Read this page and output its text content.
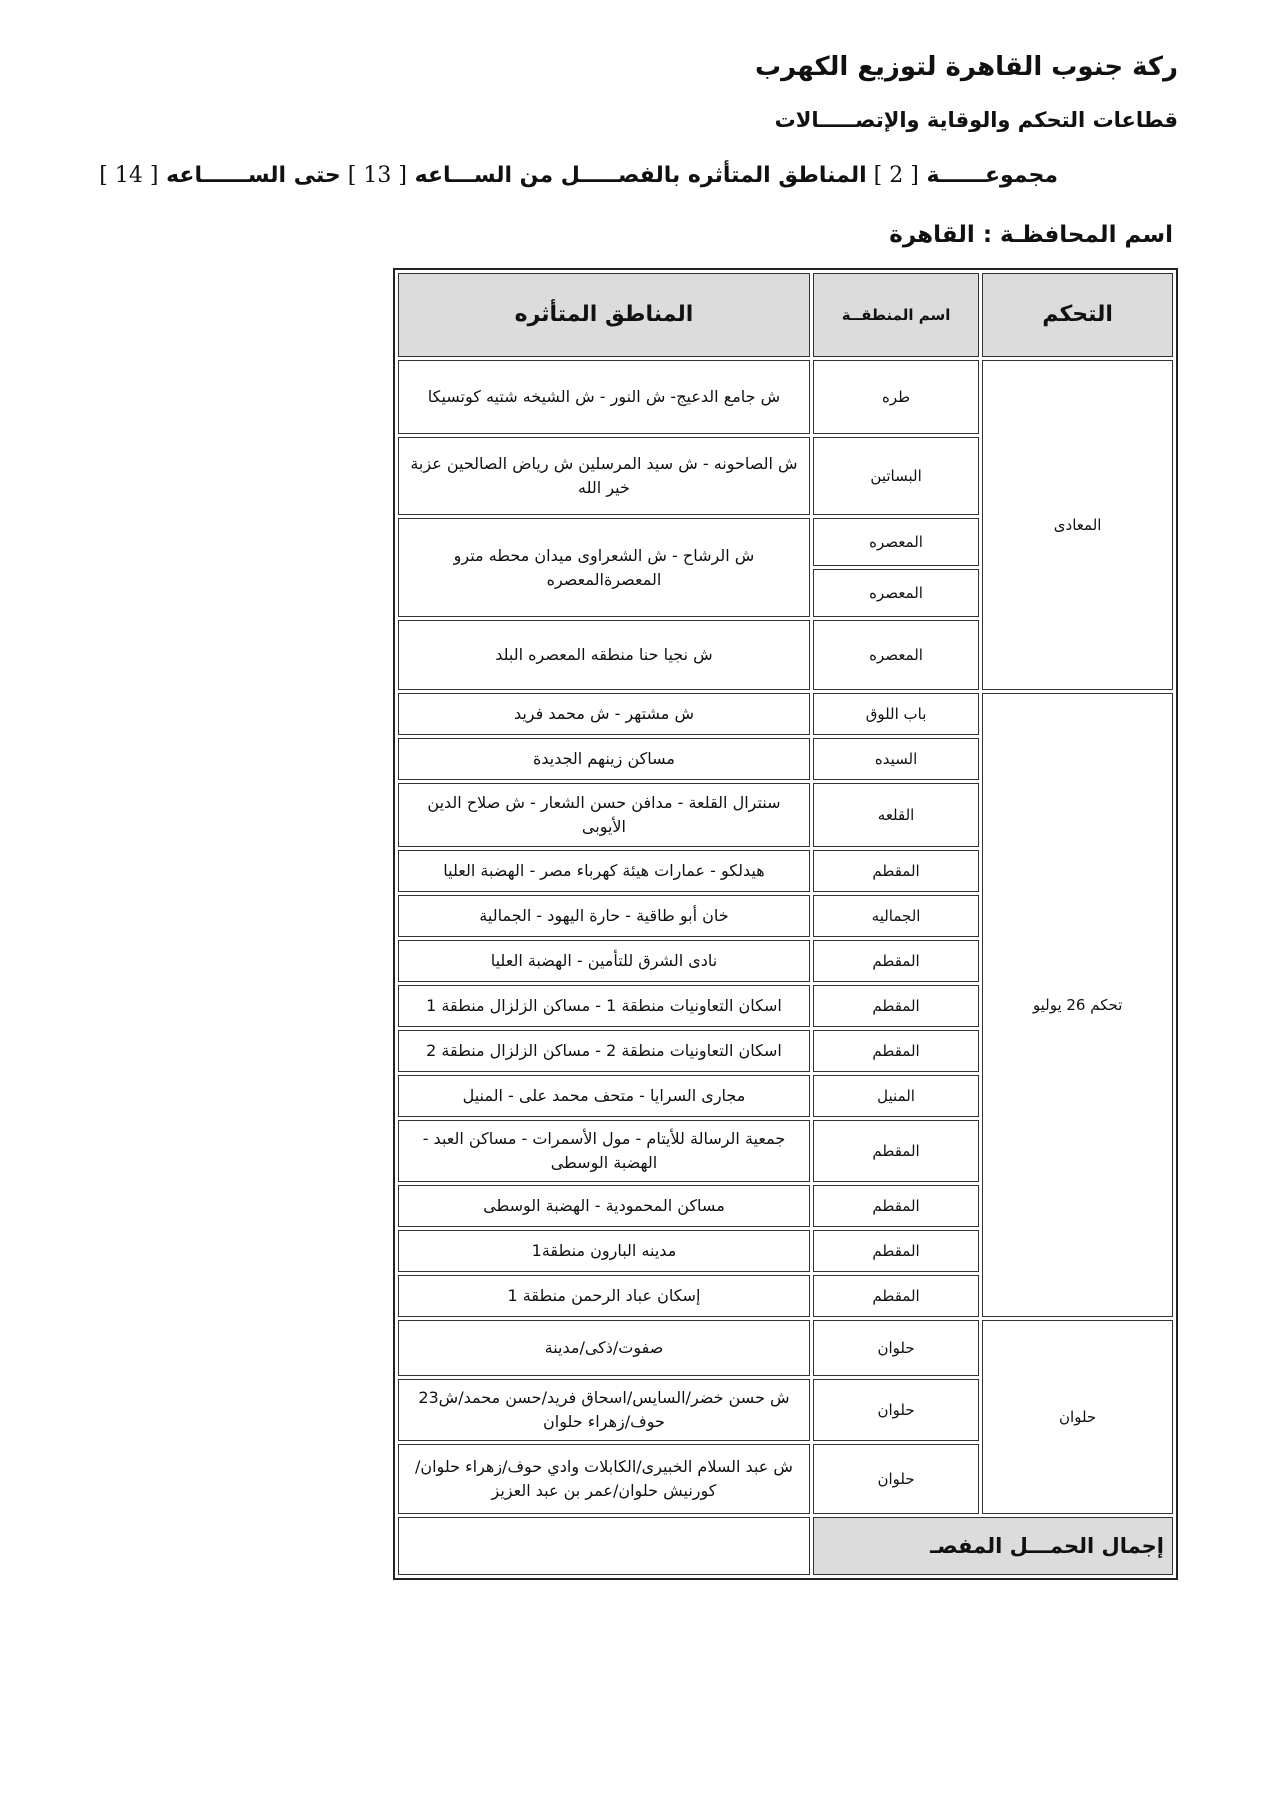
ركة جنوب القاهرة لتوزيع الكهرب
قطاعات التحكم والوقاية والإتصـــــالات
مجموعــــــة [ 2 ] المناطق المتأثره بالفصـــــل من الســـاعه [ 13 ] حتى الســــــاعه [ 14 ]
اسم المحافظـة : القاهرة
التحكم	اسم المنطقــة	المناطق المتأثره
المعادى	طره	ش جامع الدعيج- ش النور - ش الشيخه شتيه كوتسيكا
	البساتين	ش الصاحونه - ش سيد المرسلين ش رياض الصالحين عزبة خير الله
	المعصره	ش الرشاح - ش الشعراوى ميدان محطه مترو المعصرةالمعصره
	المعصره	
	المعصره	ش نجيا حنا منطقه المعصره البلد
تحكم 26 يوليو	باب اللوق	ش مشتهر - ش محمد فريد
	السيده	مساكن زينهم الجديدة
	القلعه	سنترال القلعة - مدافن حسن الشعار - ش صلاح الدين الأيوبى
	المقطم	هيدلكو - عمارات هيئة كهرباء مصر - الهضبة العليا
	الجماليه	خان أبو طاقية - حارة اليهود - الجمالية
	المقطم	نادى الشرق للتأمين - الهضبة العليا
	المقطم	اسكان التعاونيات منطقة 1 - مساكن الزلزال منطقة 1
	المقطم	اسكان التعاونيات منطقة 2 - مساكن الزلزال منطقة 2
	المنيل	مجارى السرايا - متحف محمد على - المنيل
	المقطم	جمعية الرسالة للأيتام - مول الأسمرات - مساكن العبد - الهضبة الوسطى
	المقطم	مساكن المحمودية - الهضبة الوسطى
	المقطم	مدينه البارون منطقة1
	المقطم	إسكان عباد الرحمن منطقة 1
حلوان	حلوان	صفوت/ذكى/مدينة
	حلوان	ش حسن خضر/السايس/اسحاق فريد/حسن محمد/ش23 حوف/زهراء حلوان
	حلوان	ش عبد السلام الخبيرى/الكابلات وادي حوف/زهراء حلوان/كورنيش حلوان/عمر بن عبد العزيز
إجمال الحمـــل المفصـ		
